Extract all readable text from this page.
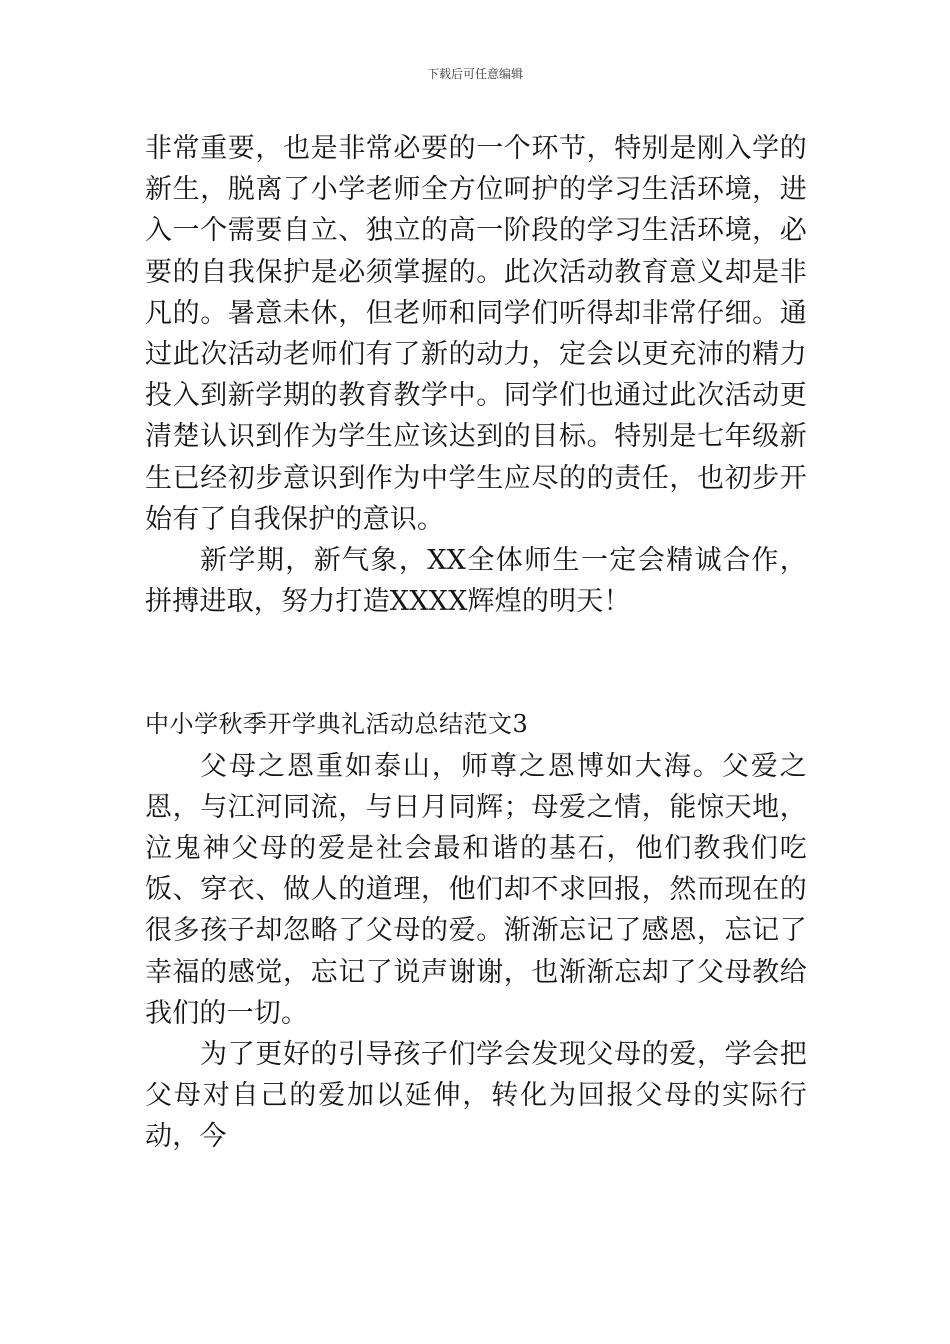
下载后可任意编辑

非常重要，也是非常必要的一个环节，特别是刚入学的新生，脱离了小学老师全方位呵护的学习生活环境，进入一个需要自立、独立的高一阶段的学习生活环境，必要的自我保护是必须掌握的。此次活动教育意义却是非凡的。暑意未休，但老师和同学们听得却非常仔细。通过此次活动老师们有了新的动力，定会以更充沛的精力投入到新学期的教育教学中。同学们也通过此次活动更清楚认识到作为学生应该达到的目标。特别是七年级新生已经初步意识到作为中学生应尽的的责任，也初步开始有了自我保护的意识。

新学期，新气象，XX全体师生一定会精诚合作，拼搏进取，努力打造XXXX辉煌的明天！

中小学秋季开学典礼活动总结范文3

父母之恩重如泰山，师尊之恩博如大海。父爱之恩，与江河同流，与日月同辉；母爱之情，能惊天地，泣鬼神父母的爱是社会最和谐的基石，他们教我们吃饭、穿衣、做人的道理，他们却不求回报，然而现在的很多孩子却忽略了父母的爱。渐渐忘记了感恩，忘记了幸福的感觉，忘记了说声谢谢，也渐渐忘却了父母教给我们的一切。

为了更好的引导孩子们学会发现父母的爱，学会把父母对自己的爱加以延伸，转化为回报父母的实际行动，今
